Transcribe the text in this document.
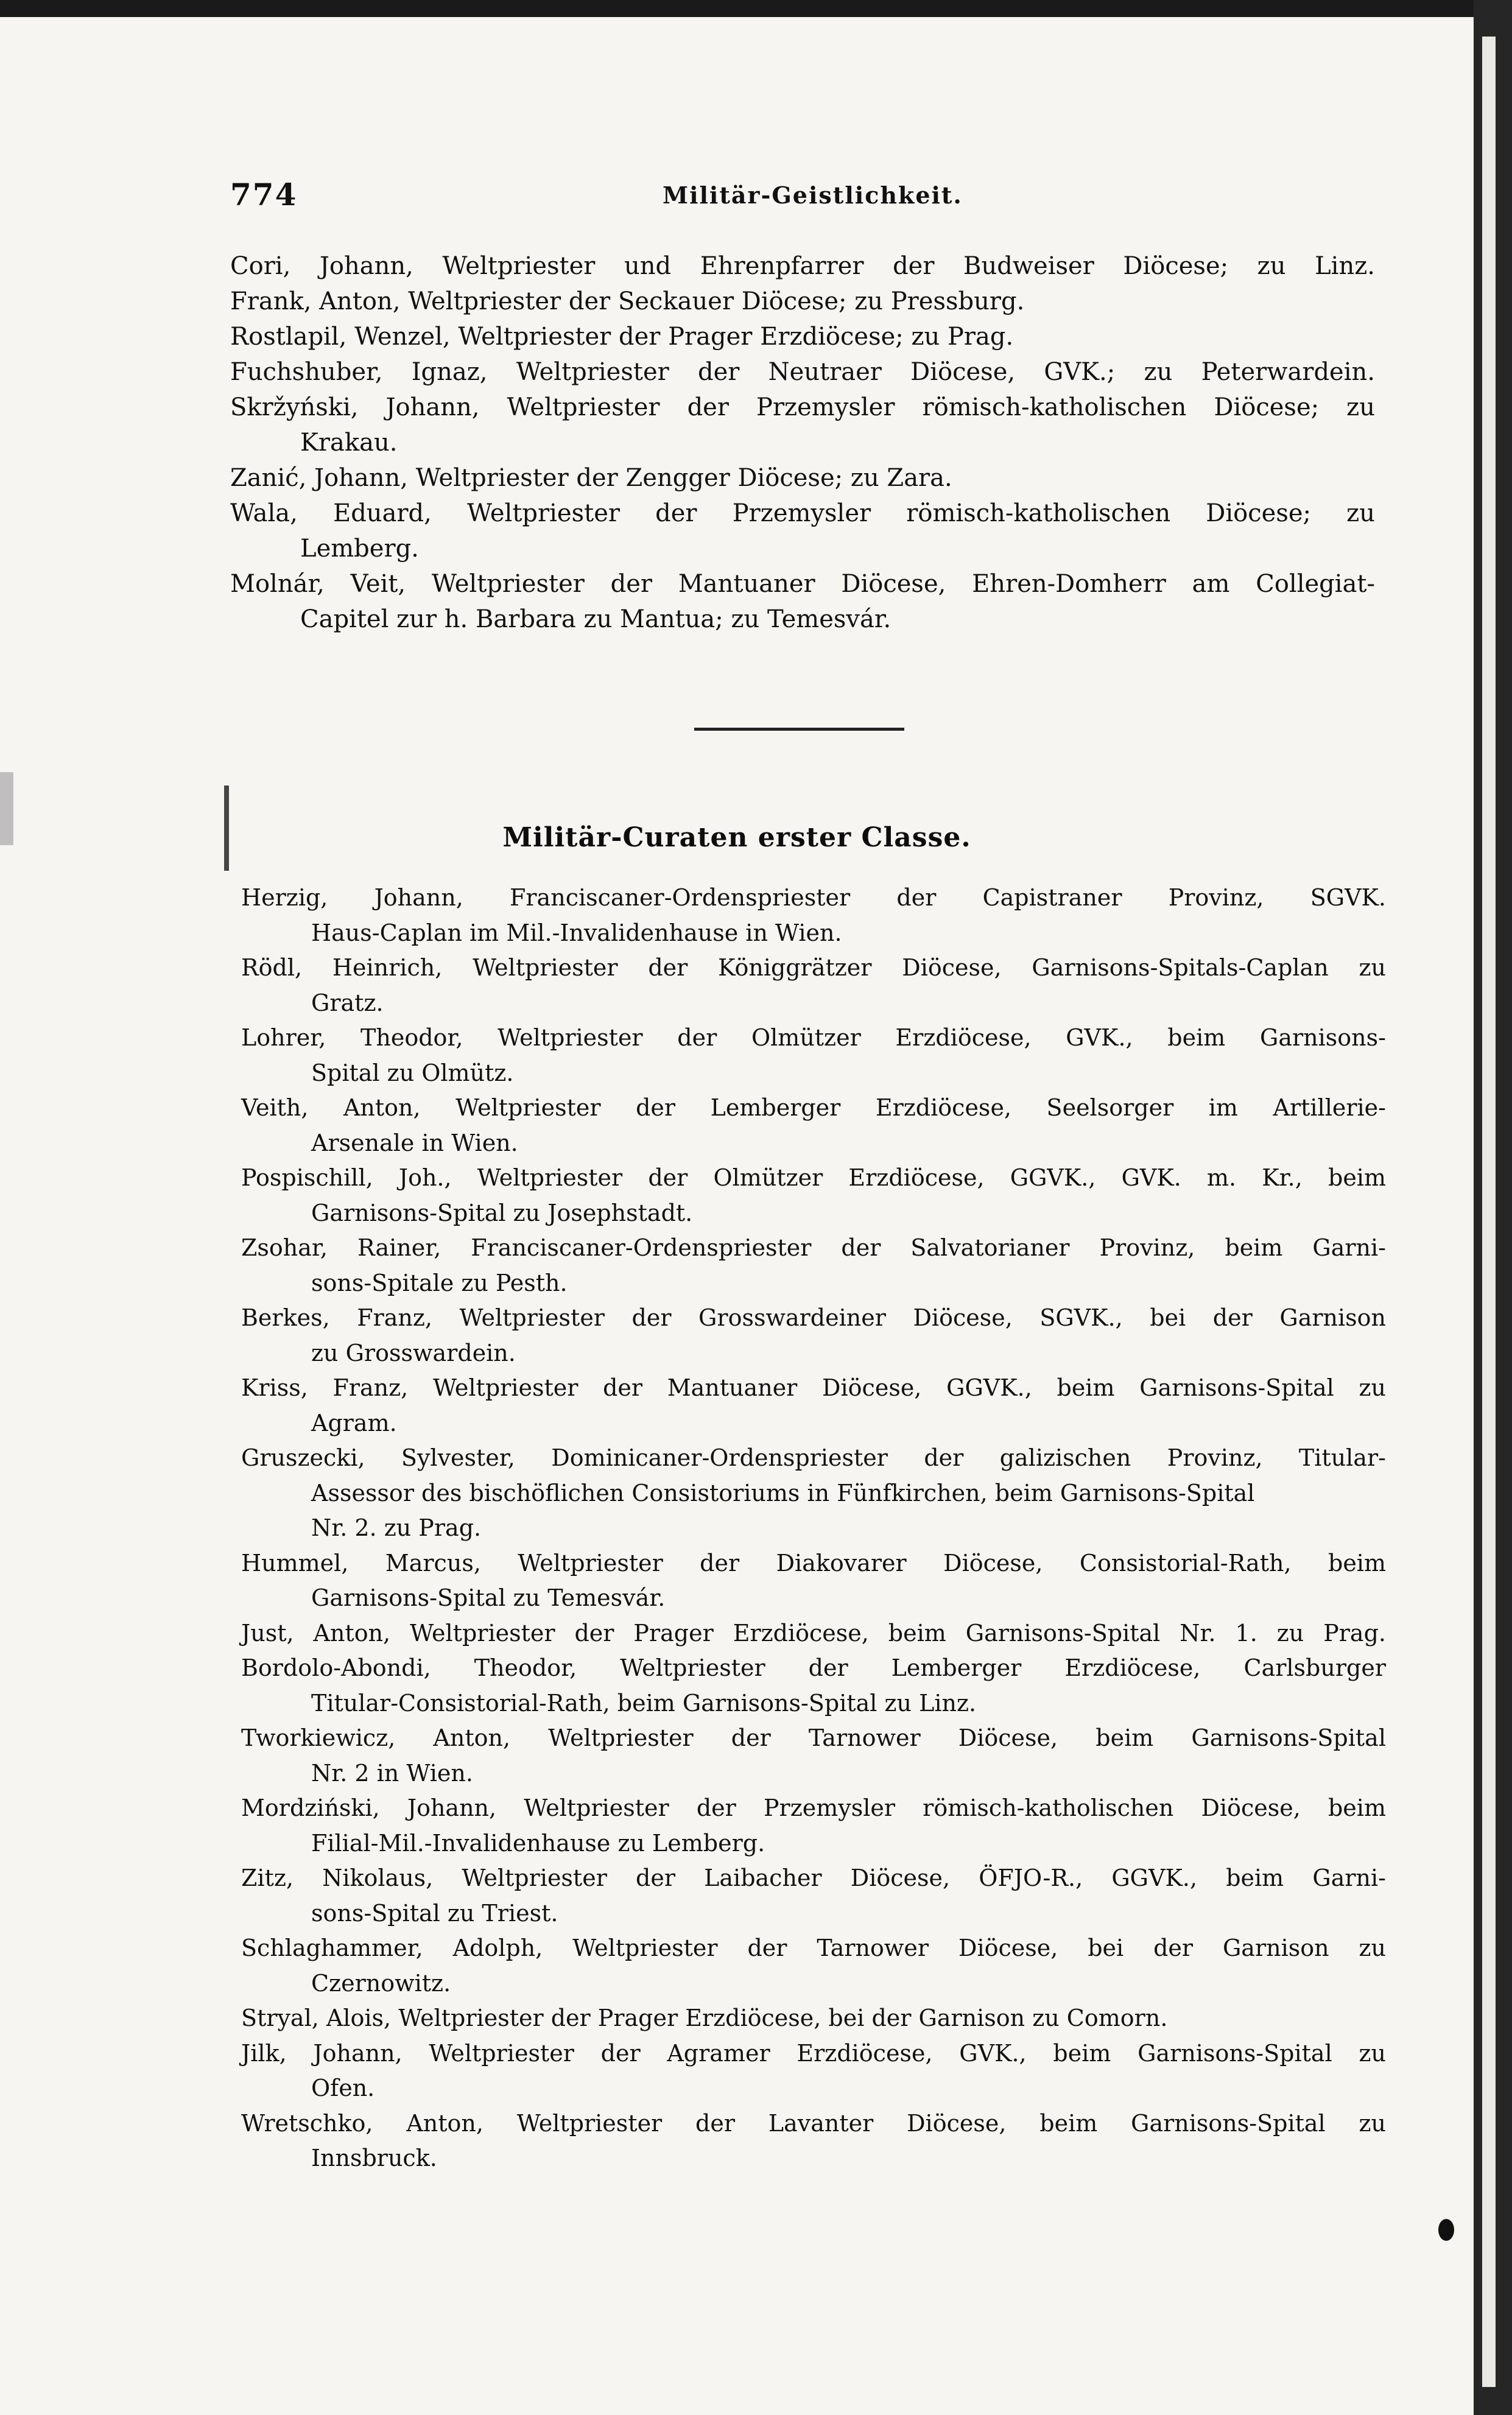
774	Militär-Geistlichkeit.
Cori, Johann, Weltpriester und Ehrenpfarrer der Budweiser Diöcese; zu Linz.
Frank, Anton, Weltpriester der Seckauer Diöcese; zu Pressburg.
Rostlapil, Wenzel, Weltpriester der Prager Erzdiöcese; zu Prag.
Fuchshuber, Ignaz, Weltpriester der Neutraer Diöcese, GVK.; zu Peterwardein.
Skržyński, Johann, Weltpriester der Przemysler römisch-katholischen Diöcese; zu
Krakau.
Zanić, Johann, Weltpriester der Zengger Diöcese; zu Zara.
Wala, Eduard, Weltpriester der Przemysler römisch-katholischen Diöcese; zu
Lemberg.
Molnár, Veit, Weltpriester der Mantuaner Diöcese, Ehren-Domherr am Collegiat-
Capitel zur h. Barbara zu Mantua; zu Temesvár.
Militär-Curaten erster Classe.
Herzig, Johann, Franciscaner-Ordenspriester der Capistraner Provinz, SGVK.
Haus-Caplan im Mil.-Invalidenhause in Wien.
Rödl, Heinrich, Weltpriester der Königgrätzer Diöcese, Garnisons-Spitals-Caplan zu
Gratz.
Lohrer, Theodor, Weltpriester der Olmützer Erzdiöcese, GVK., beim Garnisons-
Spital zu Olmütz.
Veith, Anton, Weltpriester der Lemberger Erzdiöcese, Seelsorger im Artillerie-
Arsenale in Wien.
Pospischill, Joh., Weltpriester der Olmützer Erzdiöcese, GGVK., GVK. m. Kr., beim
Garnisons-Spital zu Josephstadt.
Zsohar, Rainer, Franciscaner-Ordenspriester der Salvatorianer Provinz, beim Garni-
sons-Spitale zu Pesth.
Berkes, Franz, Weltpriester der Grosswardeiner Diöcese, SGVK., bei der Garnison
zu Grosswardein.
Kriss, Franz, Weltpriester der Mantuaner Diöcese, GGVK., beim Garnisons-Spital zu
Agram.
Gruszecki, Sylvester, Dominicaner-Ordenspriester der galizischen Provinz, Titular-
Assessor des bischöflichen Consistoriums in Fünfkirchen, beim Garnisons-Spital
Nr. 2. zu Prag.
Hummel, Marcus, Weltpriester der Diakovarer Diöcese, Consistorial-Rath, beim
Garnisons-Spital zu Temesvár.
Just, Anton, Weltpriester der Prager Erzdiöcese, beim Garnisons-Spital Nr. 1. zu Prag.
Bordolo-Abondi, Theodor, Weltpriester der Lemberger Erzdiöcese, Carlsburger
Titular-Consistorial-Rath, beim Garnisons-Spital zu Linz.
Tworkiewicz, Anton, Weltpriester der Tarnower Diöcese, beim Garnisons-Spital
Nr. 2 in Wien.
Mordziński, Johann, Weltpriester der Przemysler römisch-katholischen Diöcese, beim
Filial-Mil.-Invalidenhause zu Lemberg.
Zitz, Nikolaus, Weltpriester der Laibacher Diöcese, ÖFJO-R., GGVK., beim Garni-
sons-Spital zu Triest.
Schlaghammer, Adolph, Weltpriester der Tarnower Diöcese, bei der Garnison zu
Czernowitz.
Stryal, Alois, Weltpriester der Prager Erzdiöcese, bei der Garnison zu Comorn.
Jilk, Johann, Weltpriester der Agramer Erzdiöcese, GVK., beim Garnisons-Spital zu
Ofen.
Wretschko, Anton, Weltpriester der Lavanter Diöcese, beim Garnisons-Spital zu
Innsbruck.
